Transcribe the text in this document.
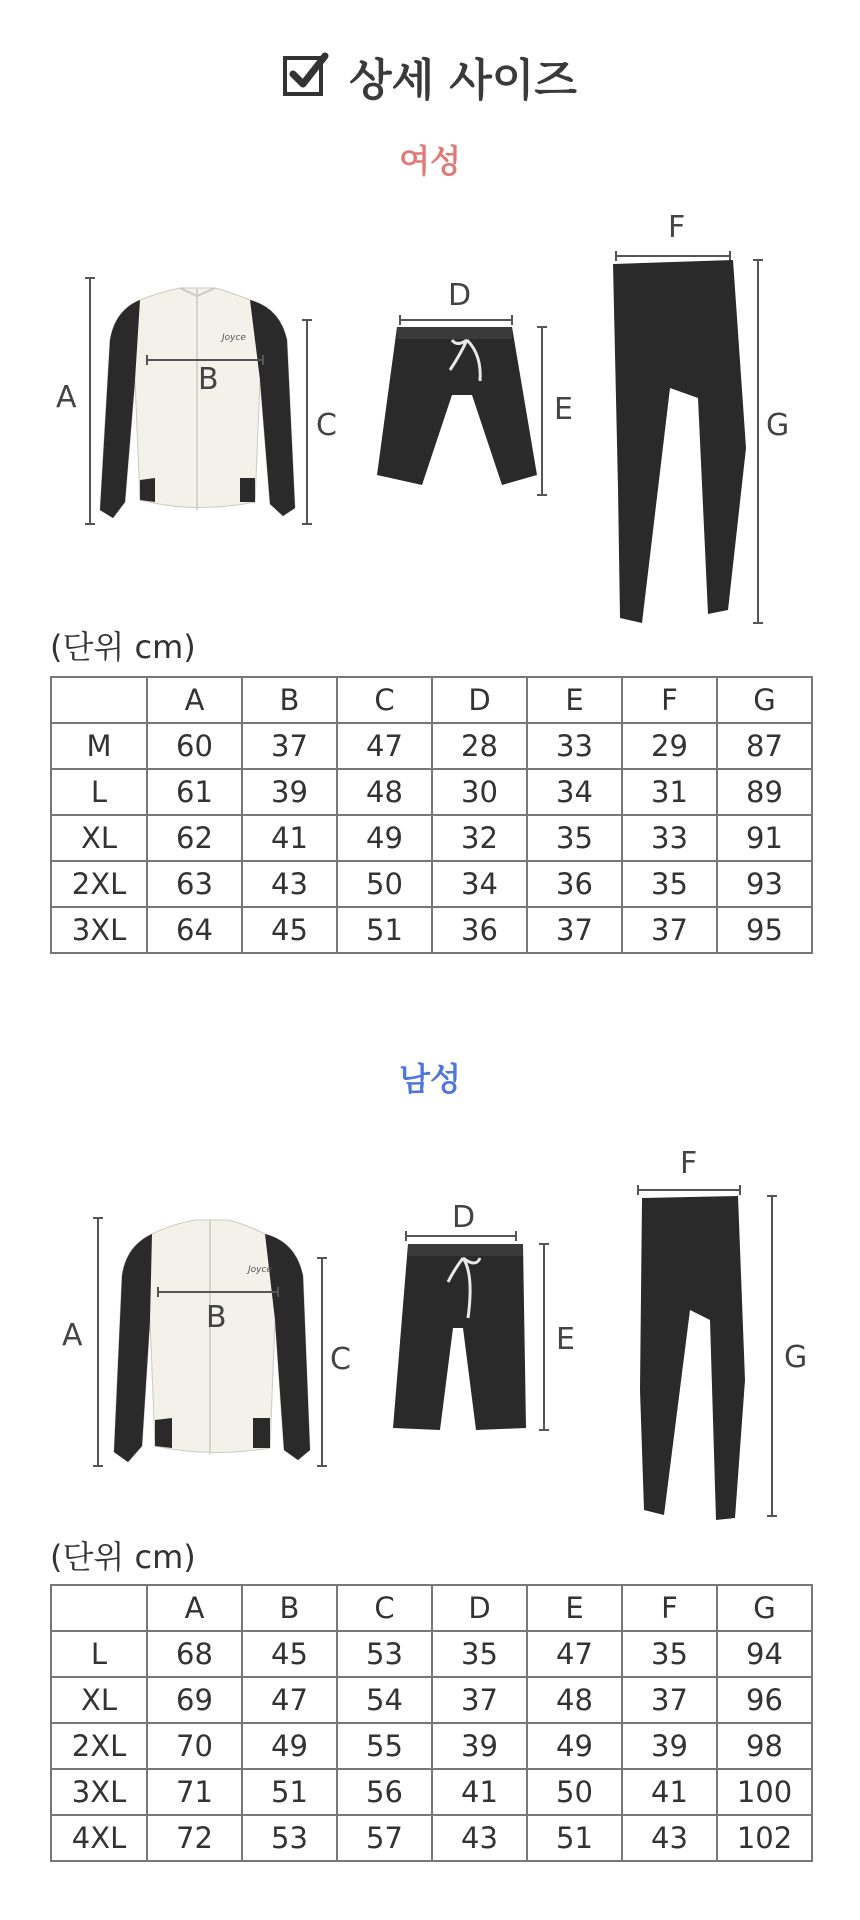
상세 사이즈
여성
Joyce
A
B
C
D
E
F
G
(단위 cm)
	A	B	C	D	E	F	G
M	60	37	47	28	33	29	87
L	61	39	48	30	34	31	89
XL	62	41	49	32	35	33	91
2XL	63	43	50	34	36	35	93
3XL	64	45	51	36	37	37	95
남성
Joyce
A
B
C
D
E
F
G
(단위 cm)
	A	B	C	D	E	F	G
L	68	45	53	35	47	35	94
XL	69	47	54	37	48	37	96
2XL	70	49	55	39	49	39	98
3XL	71	51	56	41	50	41	100
4XL	72	53	57	43	51	43	102
